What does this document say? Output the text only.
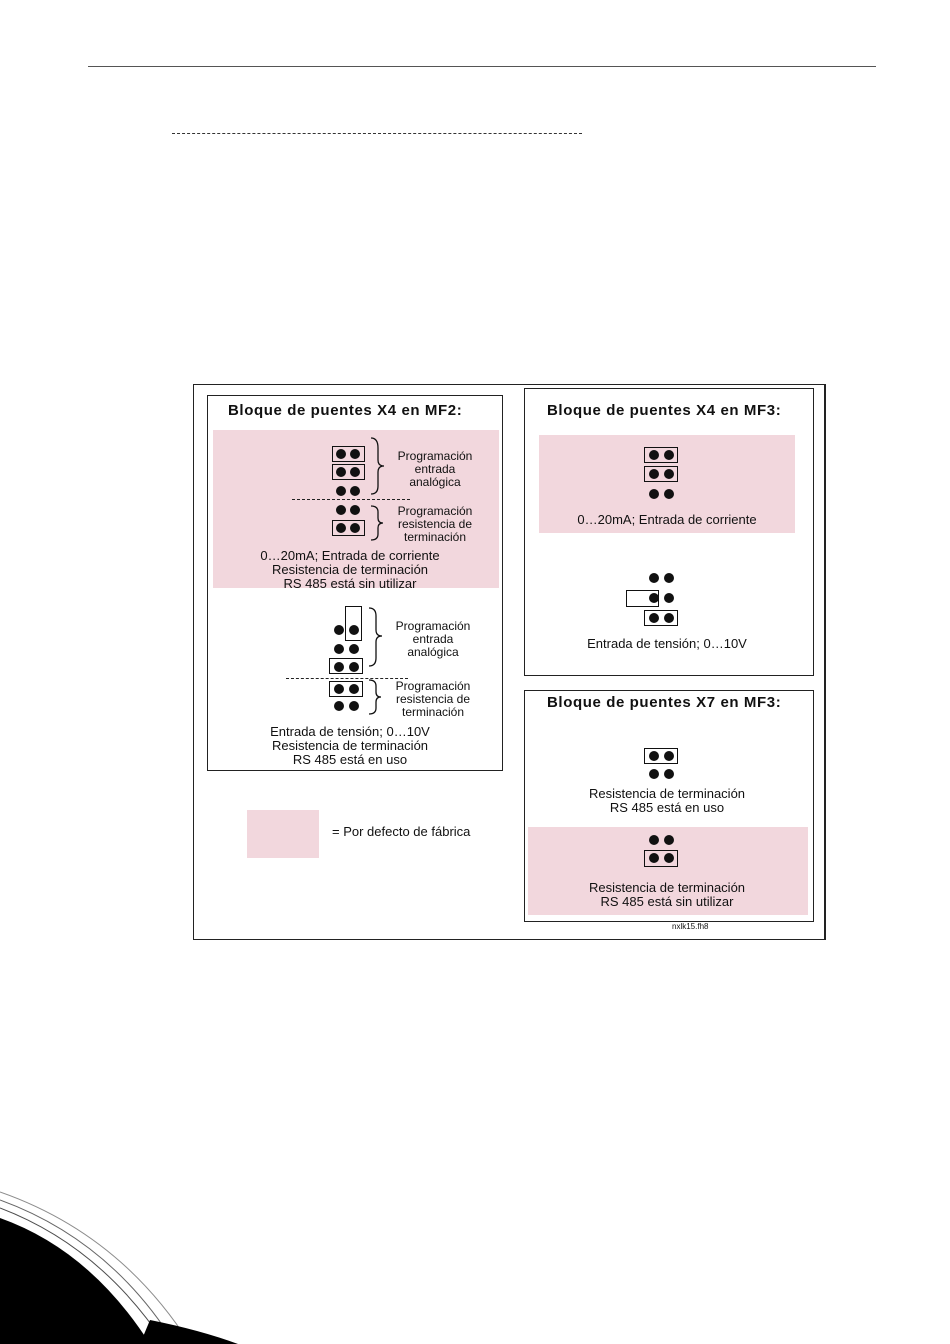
Bloque de puentes X4 en MF2:
Programación
entrada
analógica
Programación
resistencia de
terminación
0…20mA; Entrada de corriente
Resistencia de terminación
RS 485 está sin utilizar
Programación
entrada
analógica
Programación
resistencia de
terminación
Entrada de tensión; 0…10V
Resistencia de terminación
RS 485 está en uso
Bloque de puentes X4 en MF3:
0…20mA; Entrada de corriente
Entrada de tensión; 0…10V
Bloque de puentes X7 en MF3:
Resistencia de terminación
RS 485 está en uso
Resistencia de terminación
RS 485 está sin utilizar
= Por defecto de fábrica
nxlk15.fh8
